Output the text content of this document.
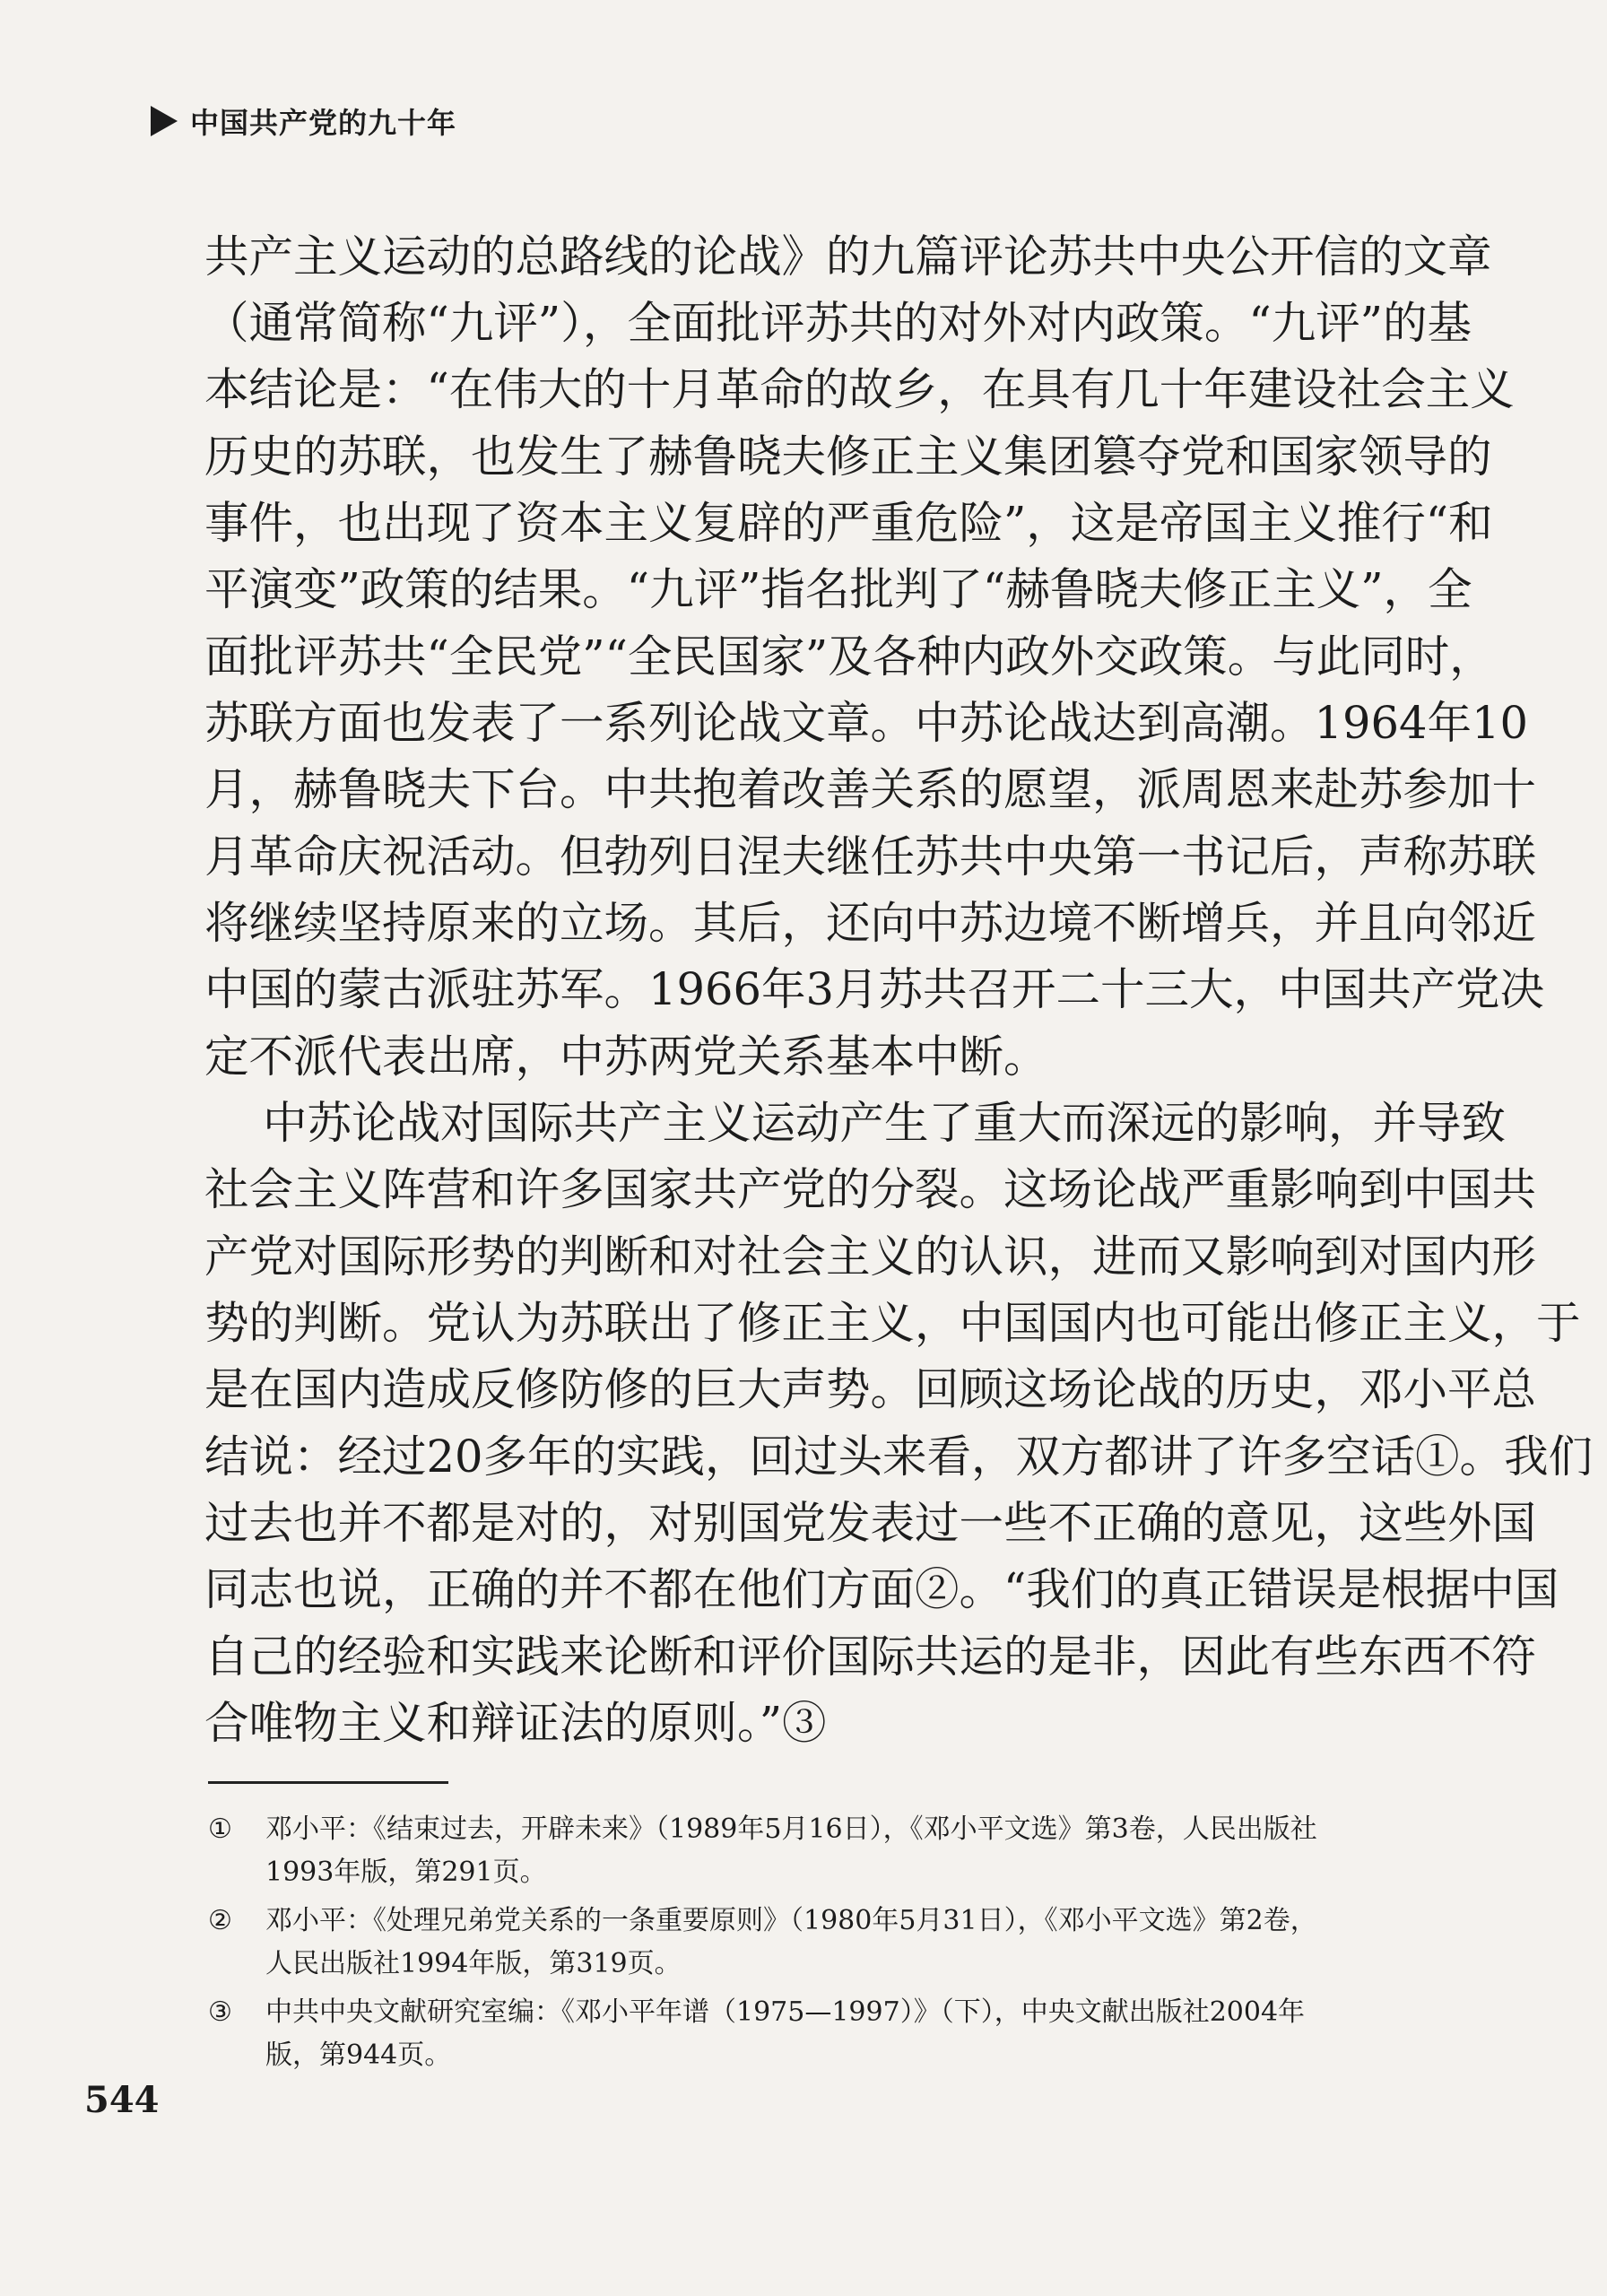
中国共产党的九十年
共产主义运动的总路线的论战》的九篇评论苏共中央公开信的文章
（通常简称“九评”），全面批评苏共的对外对内政策。“九评”的基
本结论是：“在伟大的十月革命的故乡，在具有几十年建设社会主义
历史的苏联，也发生了赫鲁晓夫修正主义集团篡夺党和国家领导的
事件，也出现了资本主义复辟的严重危险”，这是帝国主义推行“和
平演变”政策的结果。“九评”指名批判了“赫鲁晓夫修正主义”，全
面批评苏共“全民党”“全民国家”及各种内政外交政策。与此同时，
苏联方面也发表了一系列论战文章。中苏论战达到高潮。1964年10
月，赫鲁晓夫下台。中共抱着改善关系的愿望，派周恩来赴苏参加十
月革命庆祝活动。但勃列日涅夫继任苏共中央第一书记后，声称苏联
将继续坚持原来的立场。其后，还向中苏边境不断增兵，并且向邻近
中国的蒙古派驻苏军。1966年3月苏共召开二十三大，中国共产党决
定不派代表出席，中苏两党关系基本中断。
中苏论战对国际共产主义运动产生了重大而深远的影响，并导致
社会主义阵营和许多国家共产党的分裂。这场论战严重影响到中国共
产党对国际形势的判断和对社会主义的认识，进而又影响到对国内形
势的判断。党认为苏联出了修正主义，中国国内也可能出修正主义，于
是在国内造成反修防修的巨大声势。回顾这场论战的历史，邓小平总
结说：经过20多年的实践，回过头来看，双方都讲了许多空话①。我们
过去也并不都是对的，对别国党发表过一些不正确的意见，这些外国
同志也说，正确的并不都在他们方面②。“我们的真正错误是根据中国
自己的经验和实践来论断和评价国际共运的是非，因此有些东西不符
合唯物主义和辩证法的原则。”③
① 邓小平：《结束过去，开辟未来》（1989年5月16日），《邓小平文选》第3卷，人民出版社
1993年版，第291页。
② 邓小平：《处理兄弟党关系的一条重要原则》（1980年5月31日），《邓小平文选》第2卷，
人民出版社1994年版，第319页。
③ 中共中央文献研究室编：《邓小平年谱（1975—1997）》（下），中央文献出版社2004年
版，第944页。
544
